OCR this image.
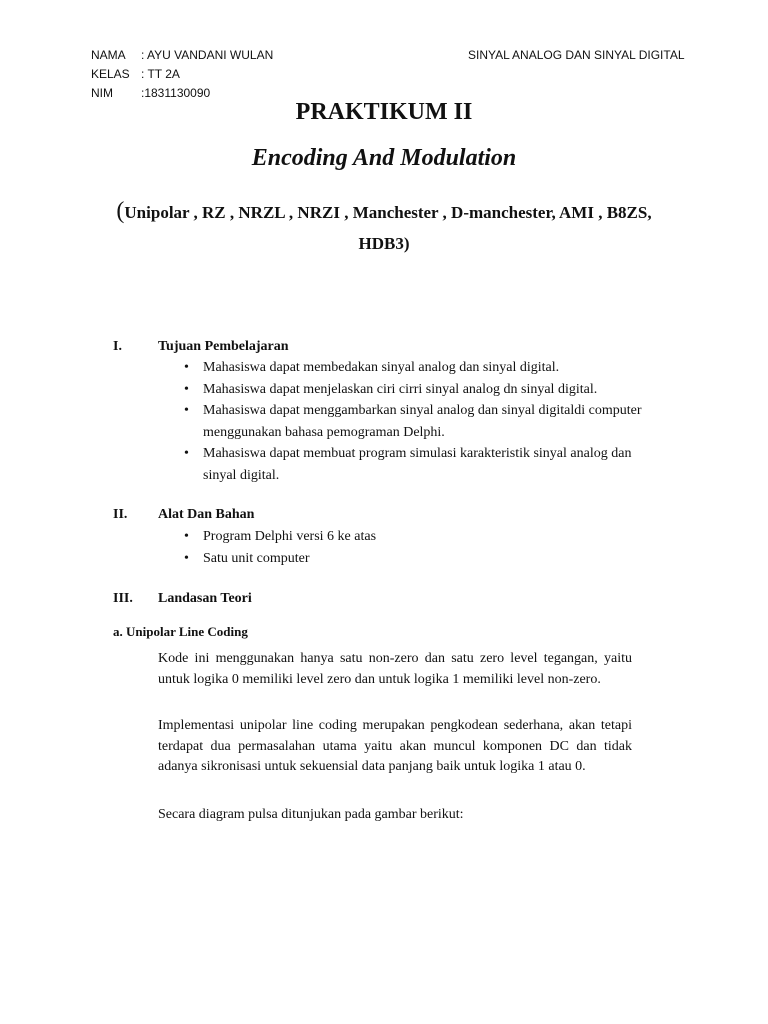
NAMA	: AYU VANDANI WULAN
KELAS : TT 2A
NIM	:1831130090
SINYAL ANALOG DAN SINYAL DIGITAL
PRAKTIKUM II
Encoding And Modulation
(Unipolar , RZ , NRZL , NRZI , Manchester , D-manchester, AMI , B8ZS,
HDB3)
I.	Tujuan Pembelajaran
• Mahasiswa dapat membedakan sinyal analog dan sinyal digital.
• Mahasiswa dapat menjelaskan ciri cirri sinyal analog dn sinyal digital.
• Mahasiswa dapat menggambarkan sinyal analog dan sinyal digitaldi computer menggunakan bahasa pemograman Delphi.
• Mahasiswa dapat membuat program simulasi karakteristik sinyal analog dan sinyal digital.
II. Alat Dan Bahan
• Program Delphi versi 6 ke atas
• Satu unit computer
III. Landasan Teori
a. Unipolar Line Coding

Kode ini menggunakan hanya satu non-zero dan satu zero level tegangan, yaitu untuk logika 0 memiliki level zero dan untuk logika 1 memiliki level non-zero.

Implementasi unipolar line coding merupakan pengkodean sederhana, akan tetapi terdapat dua permasalahan utama yaitu akan muncul komponen DC dan tidak adanya sikronisasi untuk sekuensial data panjang baik untuk logika 1 atau 0.

Secara diagram pulsa ditunjukan pada gambar berikut:
